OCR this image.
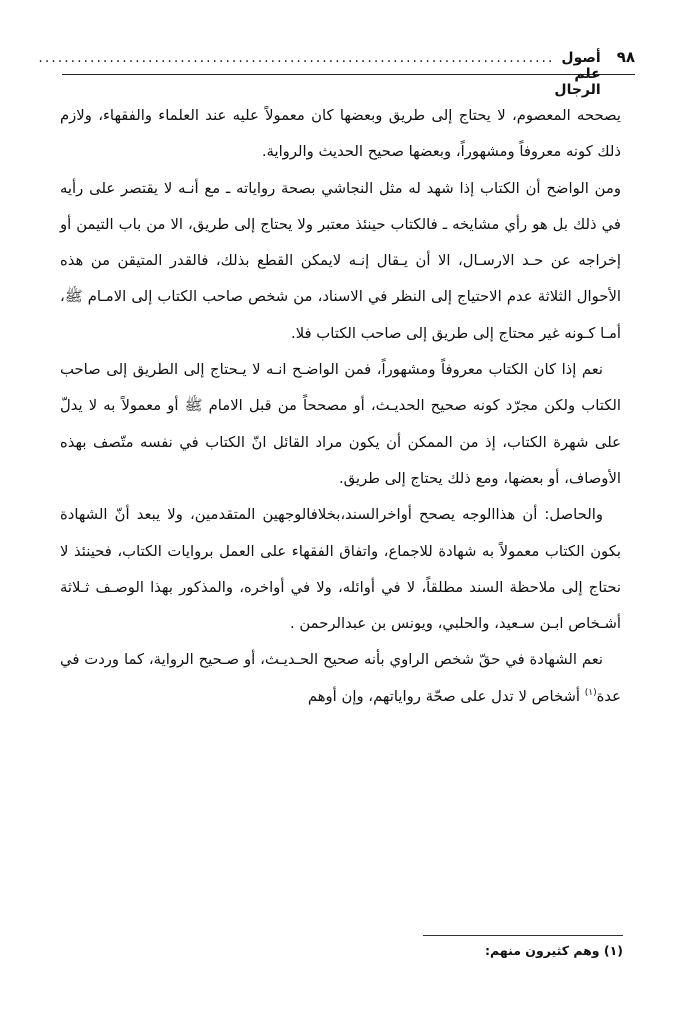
٩٨
أصول علم الرجال
................................................................................

يصححه المعصوم، لا يحتاج إلى طريق وبعضها كان معمولاً عليه عند العلماء والفقهاء، ولازم ذلك كونه معروفاً ومشهوراً، وبعضها صحيح الحديث والرواية.

ومن الواضح أن الكتاب إذا شهد له مثل النجاشي بصحة رواياته ـ مع أنـه لا يقتصر على رأيه في ذلك بل هو رأي مشايخه ـ فالكتاب حينئذ معتبر ولا يحتاج إلى طريق، الا من باب التيمن أو إخراجه عن حـد الارسـال، الا أن يـقال إنـه لايمكن القطع بذلك، فالقدر المتيقن من هذه الأحوال الثلاثة عدم الاحتياج إلى النظر في الاسناد، من شخص صاحب الكتاب إلى الامـام ﷺ، أمـا كـونه غير محتاج إلى طريق إلى صاحب الكتاب فلا.

نعم إذا كان الكتاب معروفاً ومشهوراً، فمن الواضـح انـه لا يـحتاج إلى الطريق إلى صاحب الكتاب ولكن مجرّد كونه صحيح الحديـث، أو مصححاً من قبل الامام ﷺ أو معمولاً به لا يدلّ على شهرة الكتاب، إذ من الممكن أن يكون مراد القائل انّ الكتاب في نفسه متّصف بهذه الأوصاف، أو بعضها، ومع ذلك يحتاج إلى طريق.

والحاصل: أن هذاالوجه يصحح أواخرالسند،بخلافالوجهين المتقدمين، ولا يبعد أنّ الشهادة بكون الكتاب معمولاً به شهادة للاجماع، واتفاق الفقهاء على العمل بروايات الكتاب، فحينئذ لا نحتاج إلى ملاحظة السند مطلقاً، لا في أوائله، ولا في أواخره، والمذكور بهذا الوصـف ثـلاثة أشـخاص ابـن سـعيد، والحلبي، ويونس بن عبدالرحمن .

نعم الشهادة في حقّ شخص الراوي بأنه صحيح الحـديـث، أو صـحيح الرواية، كما وردت في عدة$^{(١)}$ أشخاص لا تدل على صحّة رواياتهم، وإن أوهم

(١) وهم كثيرون منهم:
